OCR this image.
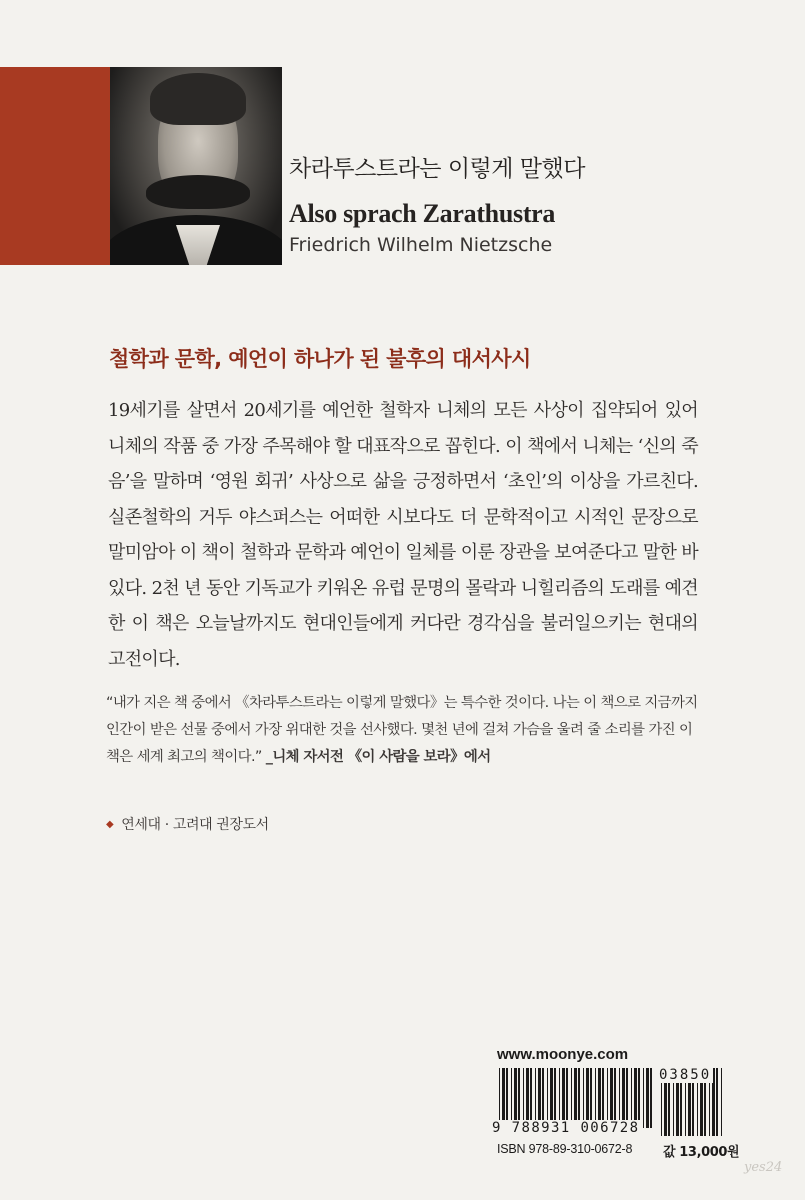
차라투스트라는 이렇게 말했다
Also sprach Zarathustra
Friedrich Wilhelm Nietzsche
철학과 문학, 예언이 하나가 된 불후의 대서사시

19세기를 살면서 20세기를 예언한 철학자 니체의 모든 사상이 집약되어 있어 니체의 작품 중 가장 주목해야 할 대표작으로 꼽힌다. 이 책에서 니체는 ‘신의 죽음’을 말하며 ‘영원 회귀’ 사상으로 삶을 긍정하면서 ‘초인’의 이상을 가르친다. 실존철학의 거두 야스퍼스는 어떠한 시보다도 더 문학적이고 시적인 문장으로 말미암아 이 책이 철학과 문학과 예언이 일체를 이룬 장관을 보여준다고 말한 바 있다. 2천 년 동안 기독교가 키워온 유럽 문명의 몰락과 니힐리즘의 도래를 예견한 이 책은 오늘날까지도 현대인들에게 커다란 경각심을 불러일으키는 현대의 고전이다.

“내가 지은 책 중에서 《차라투스트라는 이렇게 말했다》는 특수한 것이다. 나는 이 책으로 지금까지 인간이 받은 선물 중에서 가장 위대한 것을 선사했다. 몇천 년에 걸쳐 가슴을 울려 줄 소리를 가진 이 책은 세계 최고의 책이다.” _니체 자서전 《이 사람을 보라》에서

◆ 연세대 · 고려대 권장도서
www.moonye.com
03850
9 788931 006728
ISBN 978-89-310-0672-8 값 13,000원
yes24
